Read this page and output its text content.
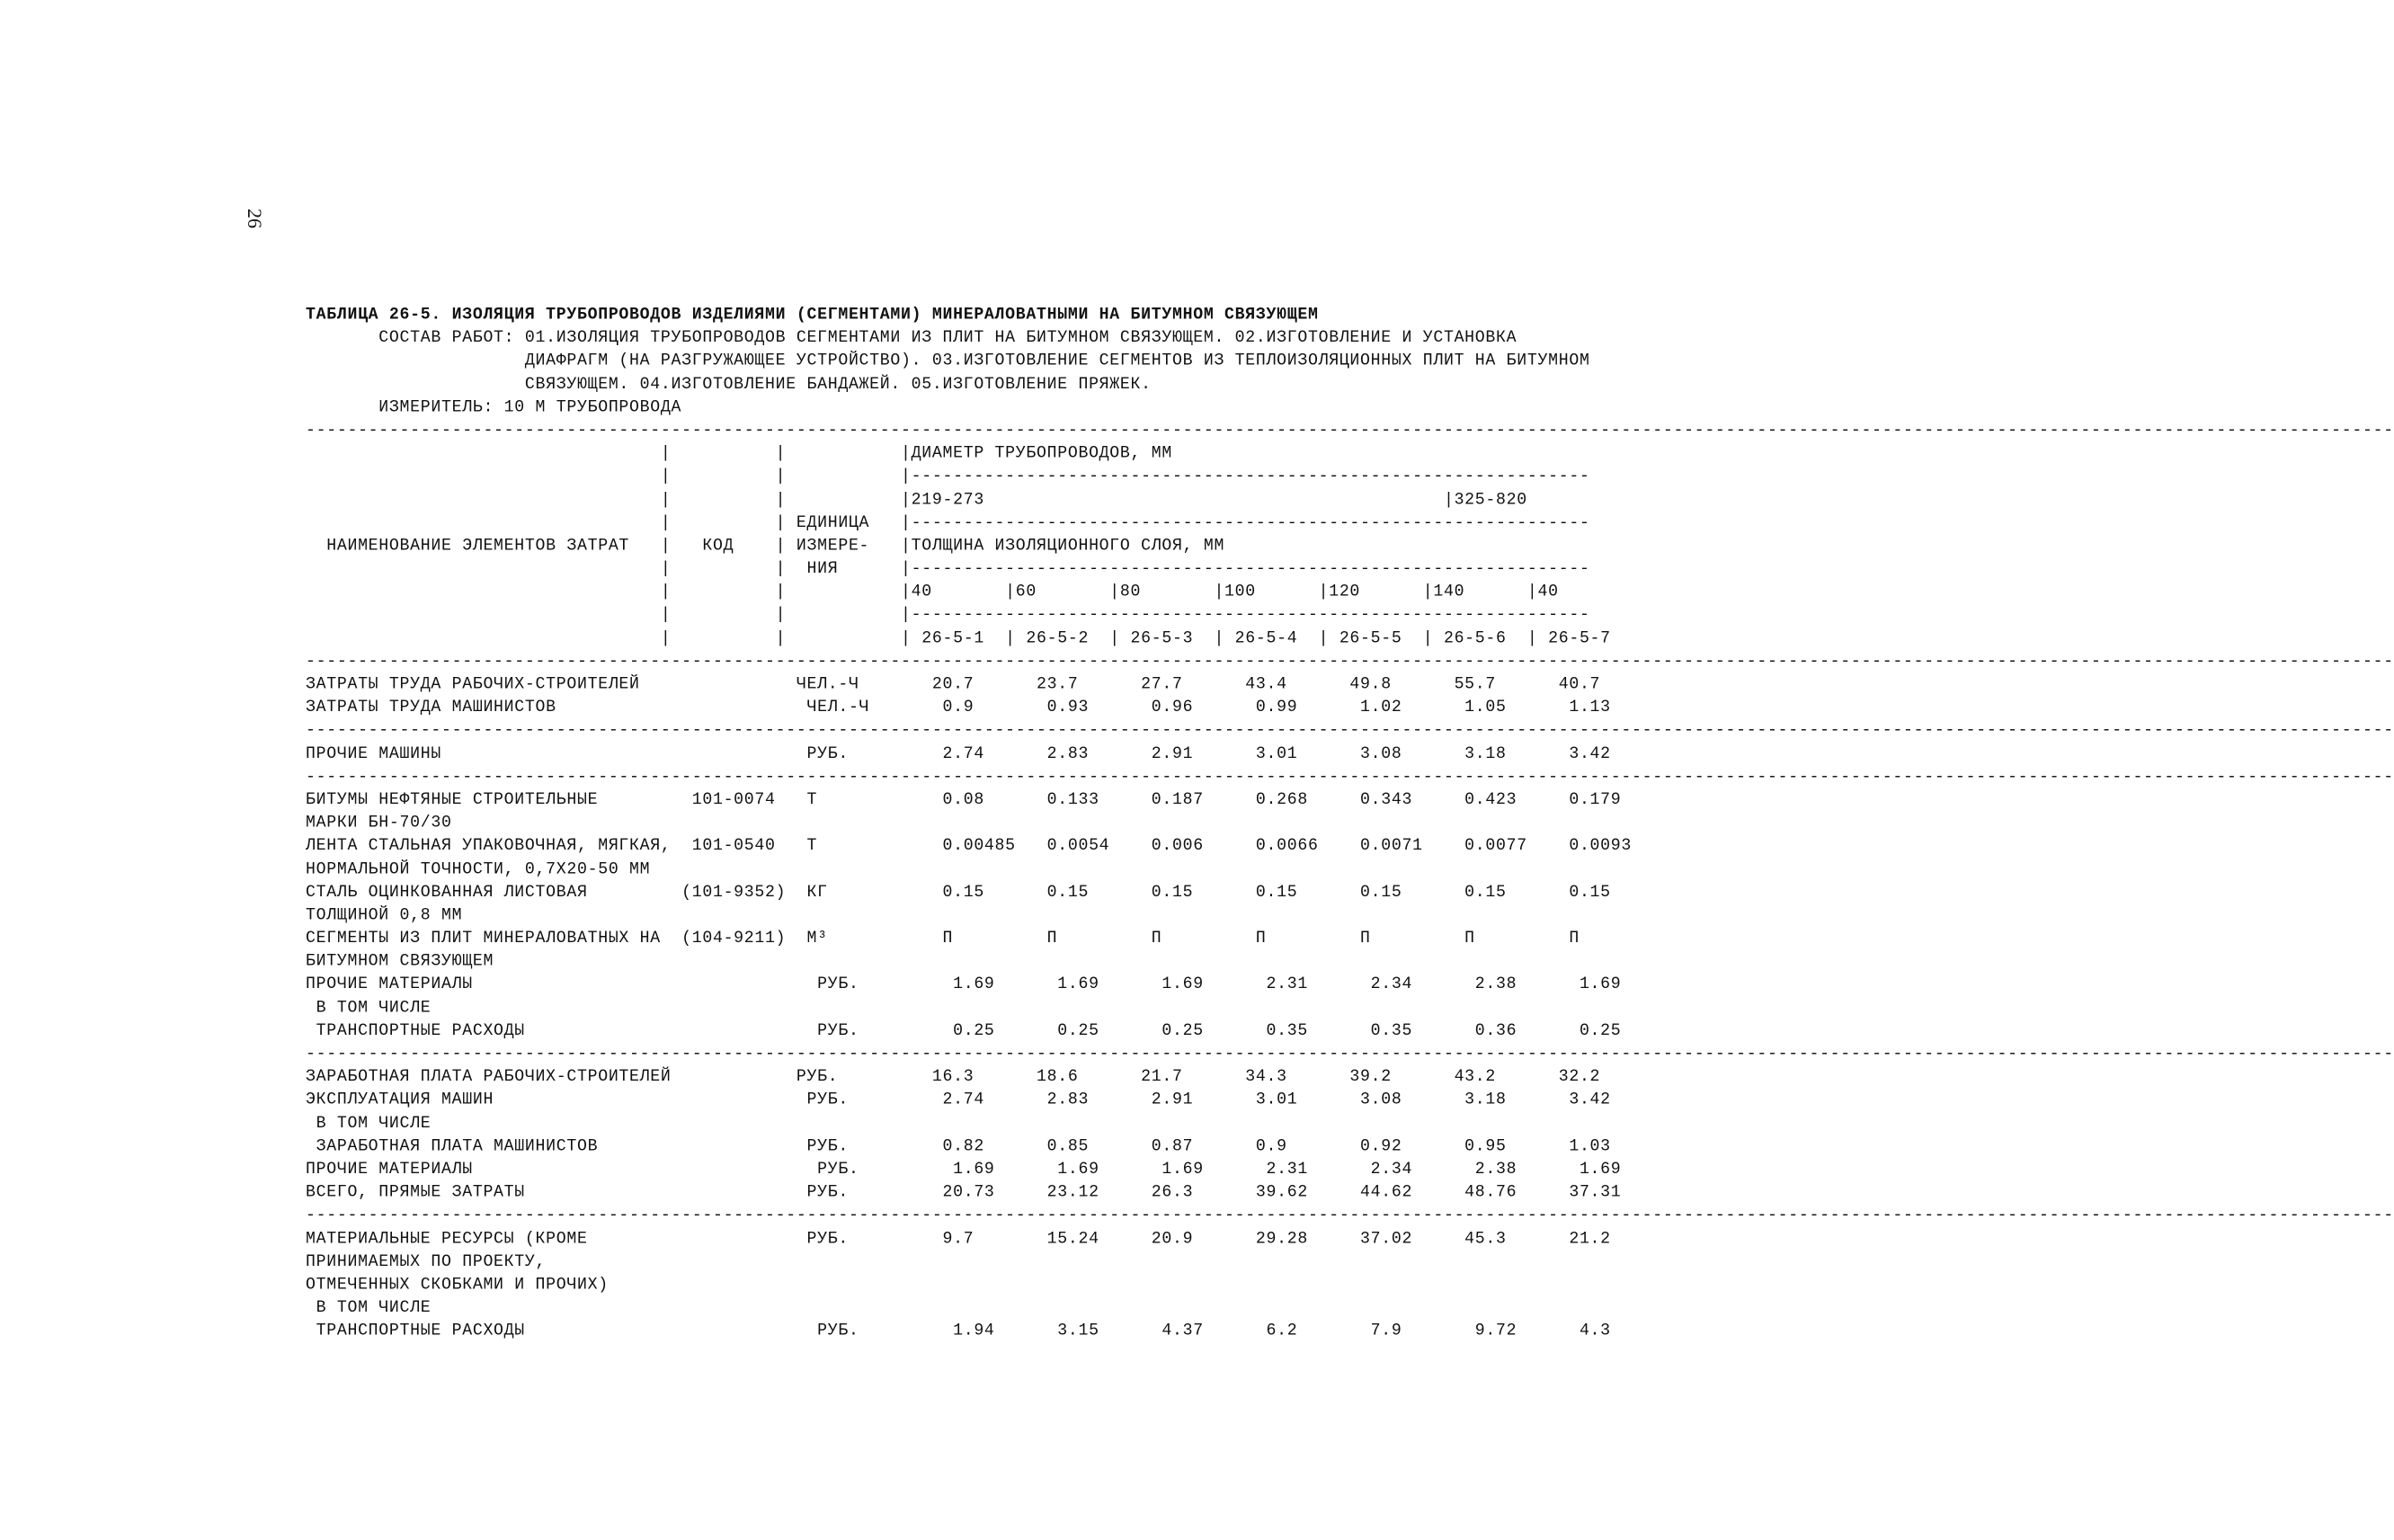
26
ТАБЛИЦА 26-5. ИЗОЛЯЦИЯ ТРУБОПРОВОДОВ ИЗДЕЛИЯМИ (СЕГМЕНТАМИ) МИНЕРАЛОВАТНЫМИ НА БИТУМНОМ СВЯЗУЮЩЕМ
СОСТАВ РАБОТ: 01.ИЗОЛЯЦИЯ ТРУБОПРОВОДОВ СЕГМЕНТАМИ ИЗ ПЛИТ НА БИТУМНОМ СВЯЗУЮЩЕМ. 02.ИЗГОТОВЛЕНИЕ И УСТАНОВКА
ДИАФРАГМ (НА РАЗГРУЖАЮЩЕЕ УСТРОЙСТВО). 03.ИЗГОТОВЛЕНИЕ СЕГМЕНТОВ ИЗ ТЕПЛОИЗОЛЯЦИОННЫХ ПЛИТ НА БИТУМНОМ
СВЯЗУЮЩЕМ. 04.ИЗГОТОВЛЕНИЕ БАНДАЖЕЙ. 05.ИЗГОТОВЛЕНИЕ ПРЯЖЕК.
ИЗМЕРИТЕЛЬ: 10 М ТРУБОПРОВОДА
--------------------------------------------------------------------------------------------------------------------------------------------------------------------------------------------------------
|          |           |ДИАМЕТР ТРУБОПРОВОДОВ, ММ
|          |           |-----------------------------------------------------------------
|          |           |219-273                                            |325-820
|          | ЕДИНИЦА   |-----------------------------------------------------------------
НАИМЕНОВАНИЕ ЭЛЕМЕНТОВ ЗАТРАТ   |   КОД    | ИЗМЕРЕ-   |ТОЛЩИНА ИЗОЛЯЦИОННОГО СЛОЯ, ММ
|          |  НИЯ      |-----------------------------------------------------------------
|          |           |40       |60       |80       |100      |120      |140      |40
|          |           |-----------------------------------------------------------------
|          |           | 26-5-1  | 26-5-2  | 26-5-3  | 26-5-4  | 26-5-5  | 26-5-6  | 26-5-7
--------------------------------------------------------------------------------------------------------------------------------------------------------------------------------------------------------
ЗАТРАТЫ ТРУДА РАБОЧИХ-СТРОИТЕЛЕЙ               ЧЕЛ.-Ч       20.7      23.7      27.7      43.4      49.8      55.7      40.7
ЗАТРАТЫ ТРУДА МАШИНИСТОВ                        ЧЕЛ.-Ч       0.9       0.93      0.96      0.99      1.02      1.05      1.13
--------------------------------------------------------------------------------------------------------------------------------------------------------------------------------------------------------
ПРОЧИЕ МАШИНЫ                                   РУБ.         2.74      2.83      2.91      3.01      3.08      3.18      3.42
--------------------------------------------------------------------------------------------------------------------------------------------------------------------------------------------------------
БИТУМЫ НЕФТЯНЫЕ СТРОИТЕЛЬНЫЕ         101-0074   Т            0.08      0.133     0.187     0.268     0.343     0.423     0.179
МАРКИ БН-70/30
ЛЕНТА СТАЛЬНАЯ УПАКОВОЧНАЯ, МЯГКАЯ,  101-0540   Т            0.00485   0.0054    0.006     0.0066    0.0071    0.0077    0.0093
НОРМАЛЬНОЙ ТОЧНОСТИ, 0,7Х20-50 ММ
СТАЛЬ ОЦИНКОВАННАЯ ЛИСТОВАЯ         (101-9352)  КГ           0.15      0.15      0.15      0.15      0.15      0.15      0.15
ТОЛЩИНОЙ 0,8 ММ
СЕГМЕНТЫ ИЗ ПЛИТ МИНЕРАЛОВАТНЫХ НА  (104-9211)  М³           П         П         П         П         П         П         П
БИТУМНОМ СВЯЗУЮЩЕМ
ПРОЧИЕ МАТЕРИАЛЫ                                 РУБ.         1.69      1.69      1.69      2.31      2.34      2.38      1.69
В ТОМ ЧИСЛЕ
ТРАНСПОРТНЫЕ РАСХОДЫ                            РУБ.         0.25      0.25      0.25      0.35      0.35      0.36      0.25
--------------------------------------------------------------------------------------------------------------------------------------------------------------------------------------------------------
ЗАРАБОТНАЯ ПЛАТА РАБОЧИХ-СТРОИТЕЛЕЙ            РУБ.         16.3      18.6      21.7      34.3      39.2      43.2      32.2
ЭКСПЛУАТАЦИЯ МАШИН                              РУБ.         2.74      2.83      2.91      3.01      3.08      3.18      3.42
В ТОМ ЧИСЛЕ
ЗАРАБОТНАЯ ПЛАТА МАШИНИСТОВ                    РУБ.         0.82      0.85      0.87      0.9       0.92      0.95      1.03
ПРОЧИЕ МАТЕРИАЛЫ                                 РУБ.         1.69      1.69      1.69      2.31      2.34      2.38      1.69
ВСЕГО, ПРЯМЫЕ ЗАТРАТЫ                           РУБ.         20.73     23.12     26.3      39.62     44.62     48.76     37.31
--------------------------------------------------------------------------------------------------------------------------------------------------------------------------------------------------------
МАТЕРИАЛЬНЫЕ РЕСУРСЫ (КРОМЕ                     РУБ.         9.7       15.24     20.9      29.28     37.02     45.3      21.2
ПРИНИМАЕМЫХ ПО ПРОЕКТУ,
ОТМЕЧЕННЫХ СКОБКАМИ И ПРОЧИХ)
В ТОМ ЧИСЛЕ
ТРАНСПОРТНЫЕ РАСХОДЫ                            РУБ.         1.94      3.15      4.37      6.2       7.9       9.72      4.3
